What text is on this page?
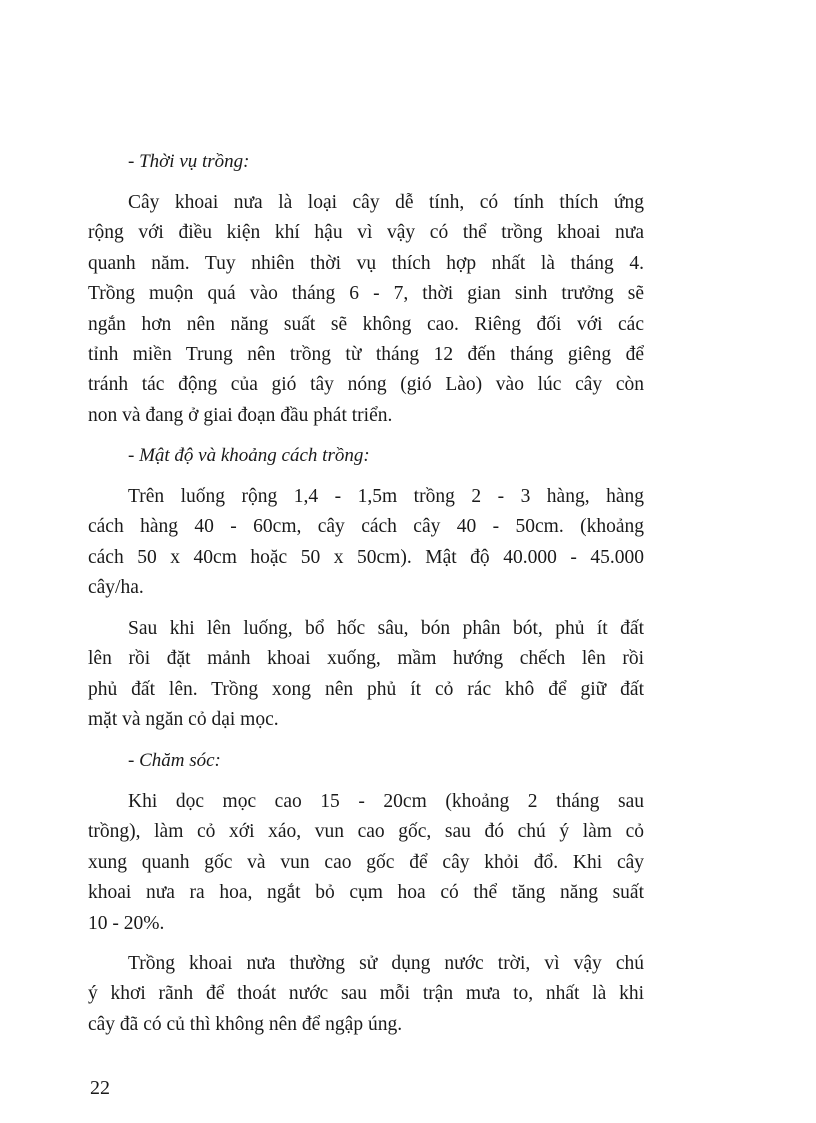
- Thời vụ trồng:
Cây khoai nưa là loại cây dễ tính, có tính thích ứng
rộng với điều kiện khí hậu vì vậy có thể trồng khoai nưa
quanh năm. Tuy nhiên thời vụ thích hợp nhất là tháng 4.
Trồng muộn quá vào tháng 6 - 7, thời gian sinh trưởng sẽ
ngắn hơn nên năng suất sẽ không cao. Riêng đối với các
tỉnh miền Trung nên trồng từ tháng 12 đến tháng giêng để
tránh tác động của gió tây nóng (gió Lào) vào lúc cây còn
non và đang ở giai đoạn đầu phát triển.
- Mật độ và khoảng cách trồng:
Trên luống rộng 1,4 - 1,5m trồng 2 - 3 hàng, hàng
cách hàng 40 - 60cm, cây cách cây 40 - 50cm. (khoảng
cách 50 x 40cm hoặc 50 x 50cm). Mật độ 40.000 - 45.000
cây/ha.
Sau khi lên luống, bổ hốc sâu, bón phân bót, phủ ít đất
lên rồi đặt mảnh khoai xuống, mầm hướng chếch lên rồi
phủ đất lên. Trồng xong nên phủ ít cỏ rác khô để giữ đất
mặt và ngăn cỏ dại mọc.
- Chăm sóc:
Khi dọc mọc cao 15 - 20cm (khoảng 2 tháng sau
trồng), làm cỏ xới xáo, vun cao gốc, sau đó chú ý làm cỏ
xung quanh gốc và vun cao gốc để cây khỏi đổ. Khi cây
khoai nưa ra hoa, ngắt bỏ cụm hoa có thể tăng năng suất
10 - 20%.
Trồng khoai nưa thường sử dụng nước trời, vì vậy chú
ý khơi rãnh để thoát nước sau mỗi trận mưa to, nhất là khi
cây đã có củ thì không nên để ngập úng.
22
